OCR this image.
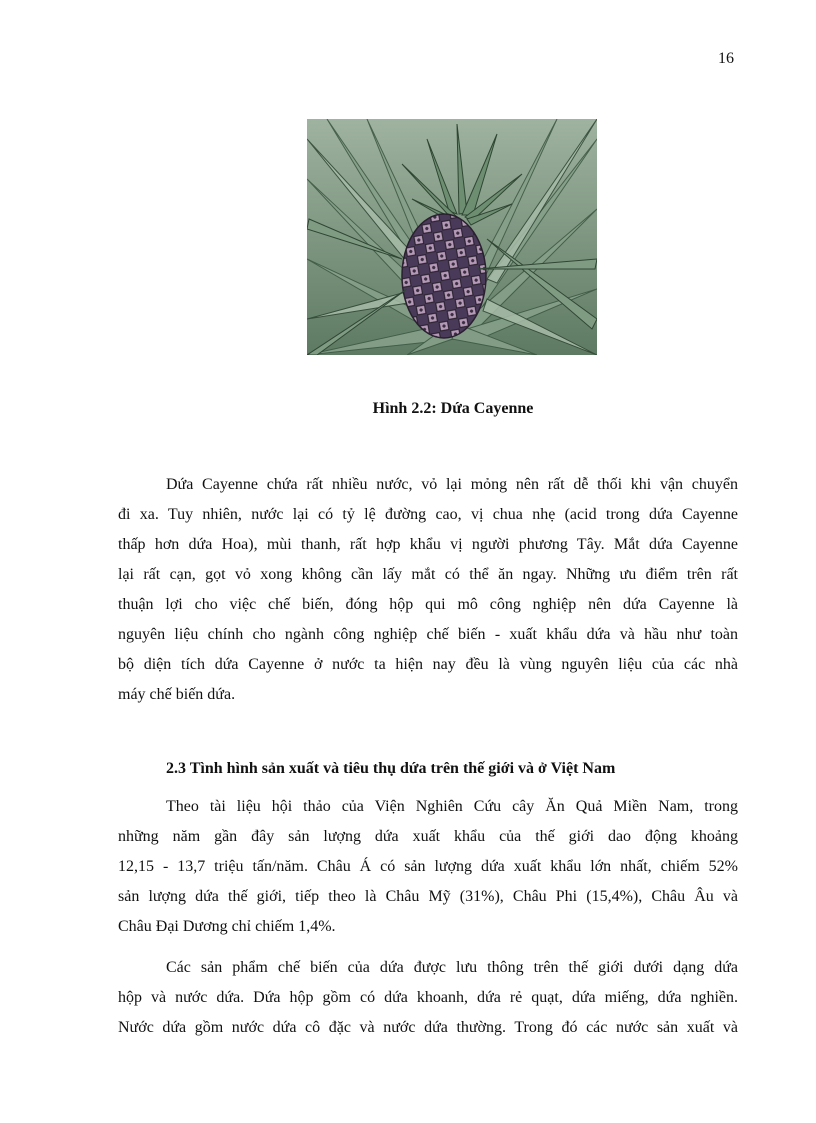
16
Hình 2.2: Dứa Cayenne
Dứa Cayenne chứa rất nhiều nước, vỏ lại mỏng nên rất dễ thối khi vận chuyển
đi xa. Tuy nhiên, nước lại có tỷ lệ đường cao, vị chua nhẹ (acid trong dứa Cayenne
thấp hơn dứa Hoa), mùi thanh, rất hợp khẩu vị người phương Tây. Mắt dứa Cayenne
lại rất cạn, gọt vỏ xong không cần lấy mắt có thể ăn ngay. Những ưu điểm trên rất
thuận lợi cho việc chế biến, đóng hộp qui mô công nghiệp nên dứa Cayenne là
nguyên liệu chính cho ngành công nghiệp chế biến - xuất khẩu dứa và hầu như toàn
bộ diện tích dứa Cayenne ở nước ta hiện nay đều là vùng nguyên liệu của các nhà
máy chế biến dứa.
2.3 Tình hình sản xuất và tiêu thụ dứa trên thế giới và ở Việt Nam
Theo tài liệu hội thảo của Viện Nghiên Cứu cây Ăn Quả Miền Nam, trong
những năm gần đây sản lượng dứa xuất khẩu của thế giới dao động khoảng
12,15 - 13,7 triệu tấn/năm. Châu Á có sản lượng dứa xuất khẩu lớn nhất, chiếm 52%
sản lượng dứa thế giới, tiếp theo là Châu Mỹ (31%), Châu Phi (15,4%), Châu Âu và
Châu Đại Dương chỉ chiếm 1,4%.
Các sản phẩm chế biến của dứa được lưu thông trên thế giới dưới dạng dứa
hộp và nước dứa. Dứa hộp gồm có dứa khoanh, dứa rẻ quạt, dứa miếng, dứa nghiền.
Nước dứa gồm nước dứa cô đặc và nước dứa thường. Trong đó các nước sản xuất và
